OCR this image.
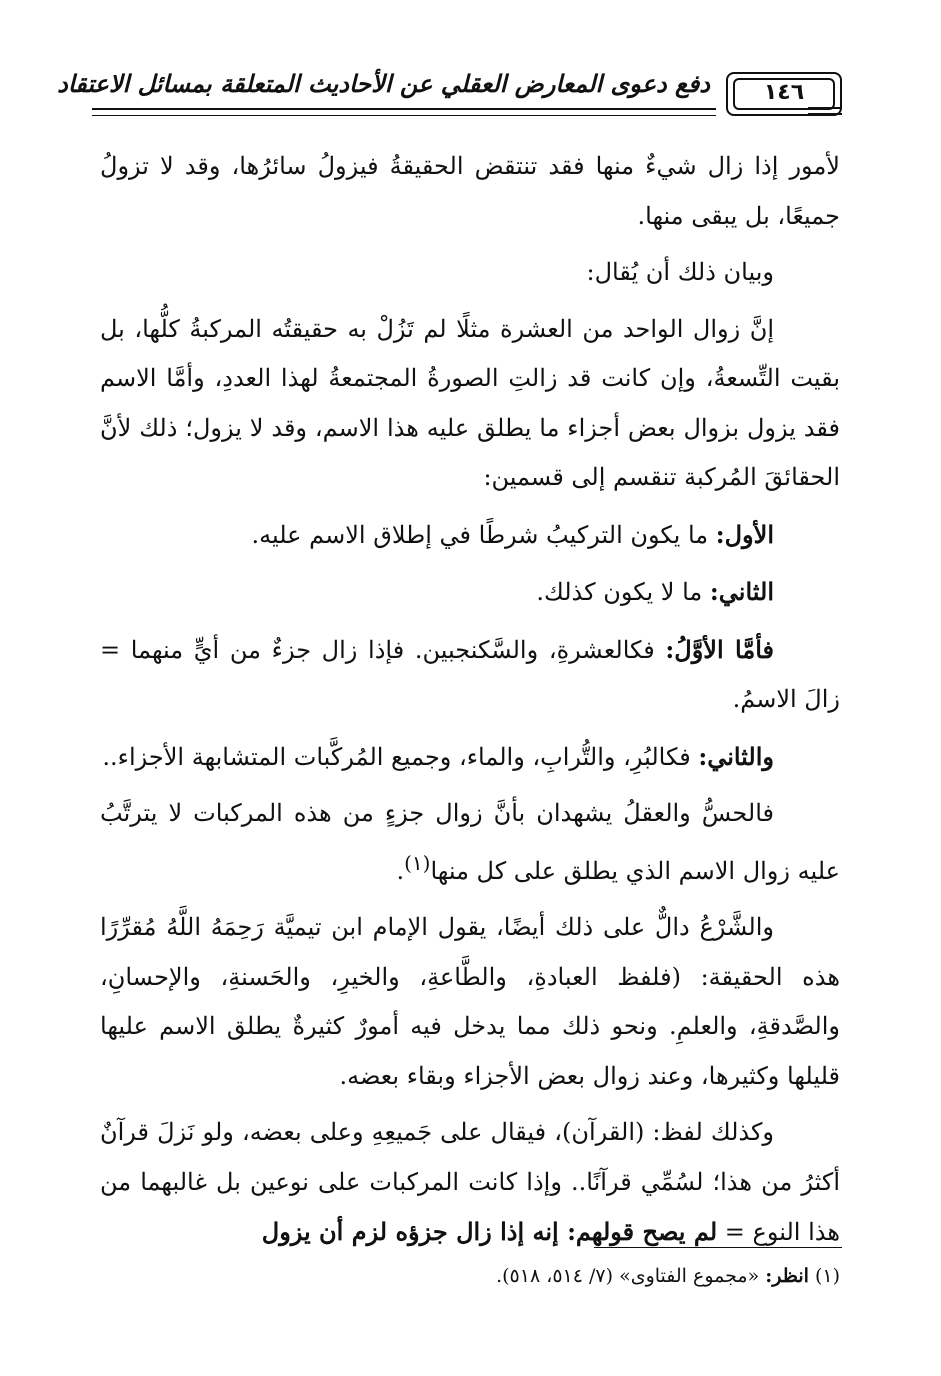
١٤٦
دفع دعوى المعارض العقلي عن الأحاديث المتعلقة بمسائل الاعتقاد

لأمور إذا زال شيءٌ منها فقد تنتقض الحقيقةُ فيزولُ سائرُها، وقد لا تزولُ جميعًا، بل يبقى منها.

وبيان ذلك أن يُقال:

إنَّ زوال الواحد من العشرة مثلًا لم تَزُلْ به حقيقتُه المركبةُ كلُّها، بل بقيت التِّسعةُ، وإن كانت قد زالتِ الصورةُ المجتمعةُ لهذا العددِ، وأمَّا الاسم فقد يزول بزوال بعض أجزاء ما يطلق عليه هذا الاسم، وقد لا يزول؛ ذلك لأنَّ الحقائقَ المُركبة تنقسم إلى قسمين:

الأول: ما يكون التركيبُ شرطًا في إطلاق الاسم عليه.

الثاني: ما لا يكون كذلك.

فأمَّا الأوَّلُ: فكالعشرةِ، والسَّكنجبين. فإذا زال جزءٌ من أيٍّ منهما = زالَ الاسمُ.

والثاني: فكالبُرِ، والتُّرابِ، والماء، وجميع المُركَّبات المتشابهة الأجزاء..

فالحسُّ والعقلُ يشهدان بأنَّ زوال جزءٍ من هذه المركبات لا يترتَّبُ عليه زوال الاسم الذي يطلق على كل منها$^{(١)}$.

والشَّرْعُ دالٌّ على ذلك أيضًا، يقول الإمام ابن تيميَّة رَحِمَهُ اللَّهُ مُقرِّرًا هذه الحقيقة: (فلفظ العبادةِ، والطَّاعةِ، والخيرِ، والحَسنةِ، والإحسانِ، والصَّدقةِ، والعلمِ. ونحو ذلك مما يدخل فيه أمورٌ كثيرةٌ يطلق الاسم عليها قليلها وكثيرها، وعند زوال بعض الأجزاء وبقاء بعضه.

وكذلك لفظ: (القرآن)، فيقال على جَميعِهِ وعلى بعضه، ولو نَزلَ قرآنٌ أكثرُ من هذا؛ لسُمِّي قرآنًا.. وإذا كانت المركبات على نوعين بل غالبهما من هذا النوع = لم يصح قولهم: إنه إذا زال جزؤه لزم أن يزول

(١) انظر: «مجموع الفتاوى» (٧/ ٥١٤، ٥١٨).
